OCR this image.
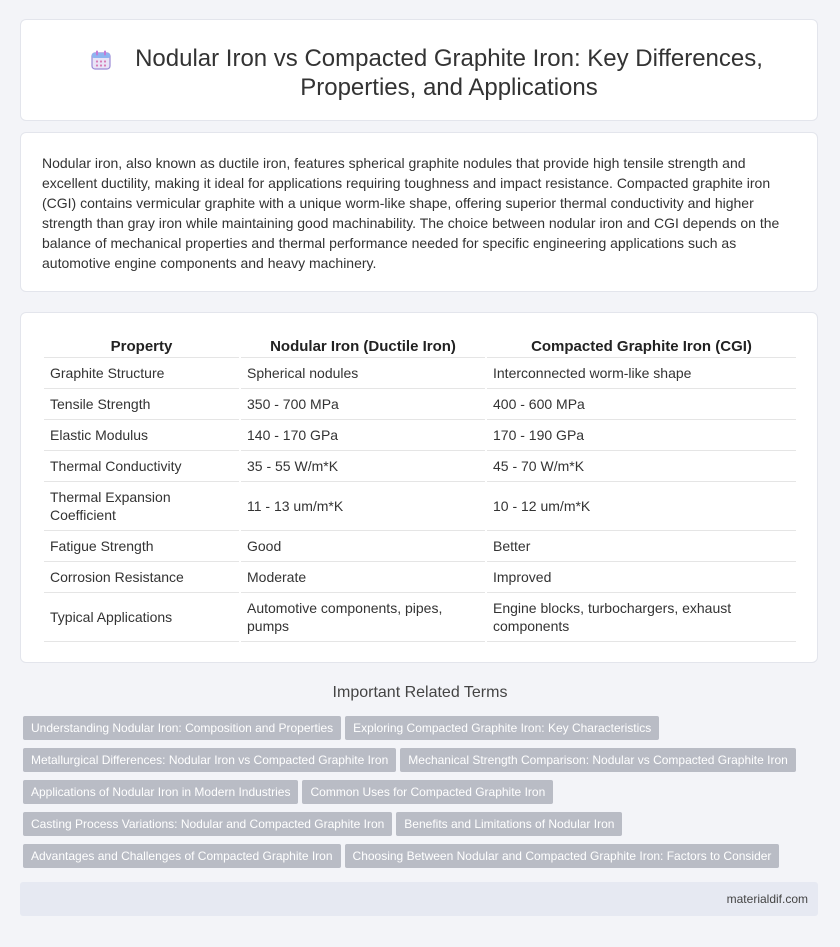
Nodular Iron vs Compacted Graphite Iron: Key Differences, Properties, and Applications

Nodular iron, also known as ductile iron, features spherical graphite nodules that provide high tensile strength and excellent ductility, making it ideal for applications requiring toughness and impact resistance. Compacted graphite iron (CGI) contains vermicular graphite with a unique worm-like shape, offering superior thermal conductivity and higher strength than gray iron while maintaining good machinability. The choice between nodular iron and CGI depends on the balance of mechanical properties and thermal performance needed for specific engineering applications such as automotive engine components and heavy machinery.

Property	Nodular Iron (Ductile Iron)	Compacted Graphite Iron (CGI)
Graphite Structure	Spherical nodules	Interconnected worm-like shape
Tensile Strength	350 - 700 MPa	400 - 600 MPa
Elastic Modulus	140 - 170 GPa	170 - 190 GPa
Thermal Conductivity	35 - 55 W/m*K	45 - 70 W/m*K
Thermal Expansion Coefficient	11 - 13 um/m*K	10 - 12 um/m*K
Fatigue Strength	Good	Better
Corrosion Resistance	Moderate	Improved
Typical Applications	Automotive components, pipes, pumps	Engine blocks, turbochargers, exhaust components
Important Related Terms
Understanding Nodular Iron: Composition and Properties Exploring Compacted Graphite Iron: Key Characteristics
Metallurgical Differences: Nodular Iron vs Compacted Graphite Iron Mechanical Strength Comparison: Nodular vs Compacted Graphite Iron
Applications of Nodular Iron in Modern Industries Common Uses for Compacted Graphite Iron
Casting Process Variations: Nodular and Compacted Graphite Iron Benefits and Limitations of Nodular Iron
Advantages and Challenges of Compacted Graphite Iron Choosing Between Nodular and Compacted Graphite Iron: Factors to Consider
materialdif.com
